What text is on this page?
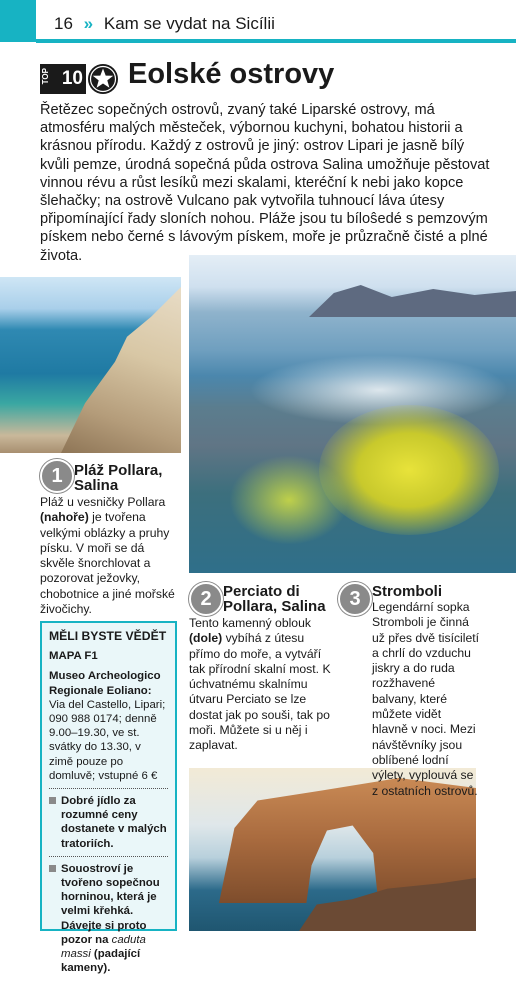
16 » Kam se vydat na Sicílii
TOP 10 Eolské ostrovy
Řetězec sopečných ostrovů, zvaný také Liparské ostrovy, má atmosféru malých městeček, výbornou kuchyni, bohatou historii a krásnou přírodu. Každý z ostrovů je jiný: ostrov Lipari je jasně bílý kvůli pemze, úrodná sopečná půda ostrova Salina umožňuje pěstovat vinnou révu a růst lesíků mezi skalami, kteréční k nebi jako kopce šlehačky; na ostrově Vulcano pak vytvořila tuhnoucí láva útesy připomínající řady sloních nohou. Pláže jsou tu bíloŝedé s pemzovým pískem nebo černé s lávovým pískem, moře je průzračně čisté a plné života.
1 Pláž Pollara,
Salina
Pláž u vesničky Pollara (nahoře) je tvořena velkými oblázky a pruhy písku. V moři se dá skvěle šnorchlovat a pozorovat ježovky, chobotnice a jiné mořské živočichy.	2 Perciato di
Pollara, Salina
Tento kamenný oblouk (dole) vybíhá z útesu přímo do moře, a vytváří tak přírodní skalní most. K úchvatnému skalnímu útvaru Perciato se lze dostat jak po souši, tak po moři. Můžete si u něj i zaplavat.
3 Stromboli
Legendární sopka Stromboli je činná už přes dvě tisíciletí a chrlí do vzduchu jiskry a do ruda rozžhavené balvany, které můžete vidět hlavně v noci. Mezi návštěvníky jsou oblíbené lodní výlety, vyplouvá se z ostatních ostrovů.
MĚLI BYSTE VĚDĚT
MAPA F1
Museo Archeologico Regionale Eoliano:
Via del Castello, Lipari; 090 988 0174; denně 9.00–19.30, ve st. svátky do 13.30, v zimě pouze po domluvě; vstupné 6 €
Dobré jídlo za rozumné ceny dostanete v malých tratoriích.
Souostroví je tvořeno sopečnou horninou, která je velmi křehká. Dávejte si proto pozor na caduta massi (padající kameny).
